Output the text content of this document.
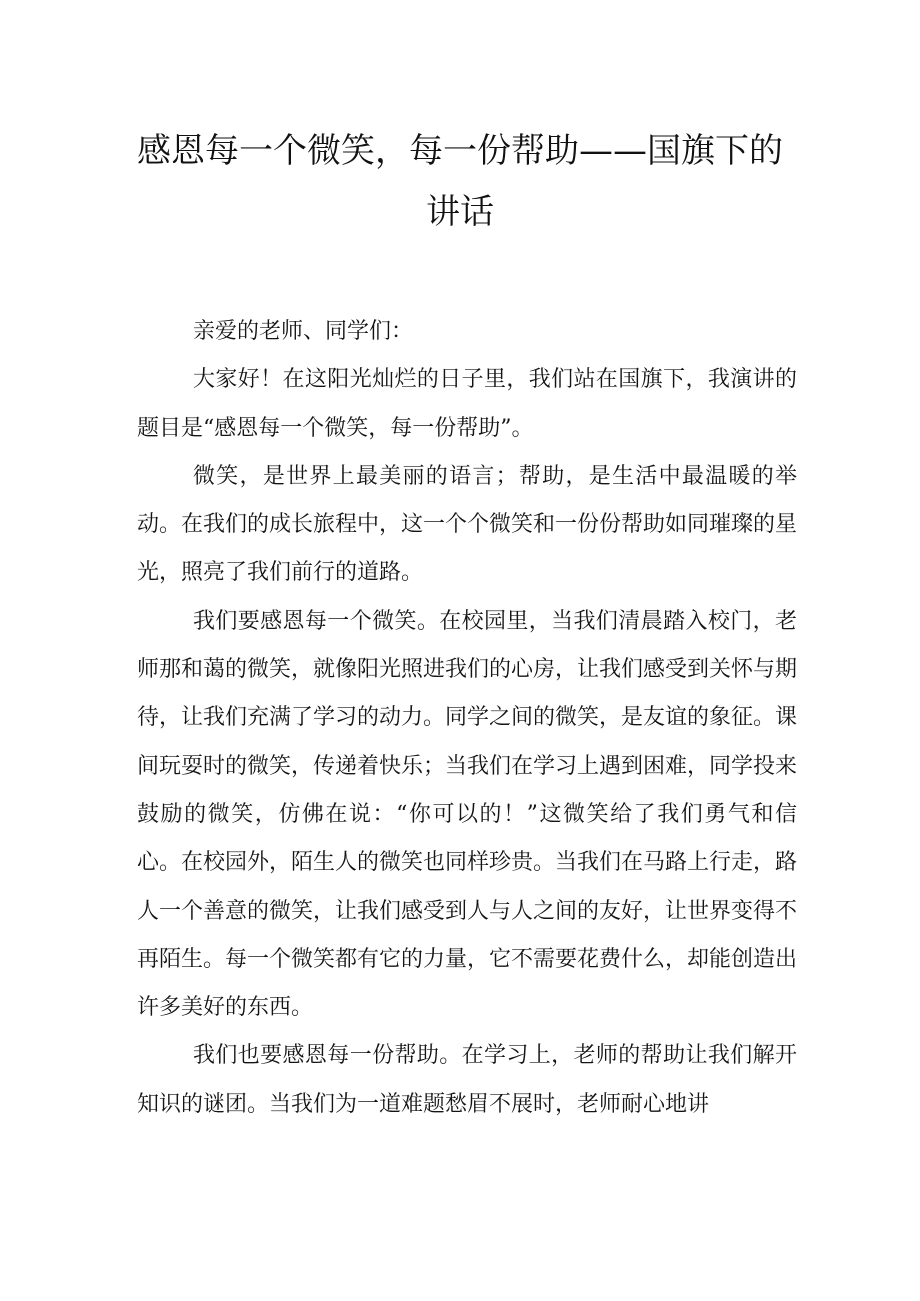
感恩每一个微笑，每一份帮助——国旗下的
讲话

亲爱的老师、同学们：

大家好！在这阳光灿烂的日子里，我们站在国旗下，我演讲的题目是“感恩每一个微笑，每一份帮助”。

微笑，是世界上最美丽的语言；帮助，是生活中最温暖的举动。在我们的成长旅程中，这一个个微笑和一份份帮助如同璀璨的星光，照亮了我们前行的道路。

我们要感恩每一个微笑。在校园里，当我们清晨踏入校门，老师那和蔼的微笑，就像阳光照进我们的心房，让我们感受到关怀与期待，让我们充满了学习的动力。同学之间的微笑，是友谊的象征。课间玩耍时的微笑，传递着快乐；当我们在学习上遇到困难，同学投来鼓励的微笑，仿佛在说：“你可以的！”这微笑给了我们勇气和信心。在校园外，陌生人的微笑也同样珍贵。当我们在马路上行走，路人一个善意的微笑，让我们感受到人与人之间的友好，让世界变得不再陌生。每一个微笑都有它的力量，它不需要花费什么，却能创造出许多美好的东西。

我们也要感恩每一份帮助。在学习上，老师的帮助让我们解开知识的谜团。当我们为一道难题愁眉不展时，老师耐心地讲
